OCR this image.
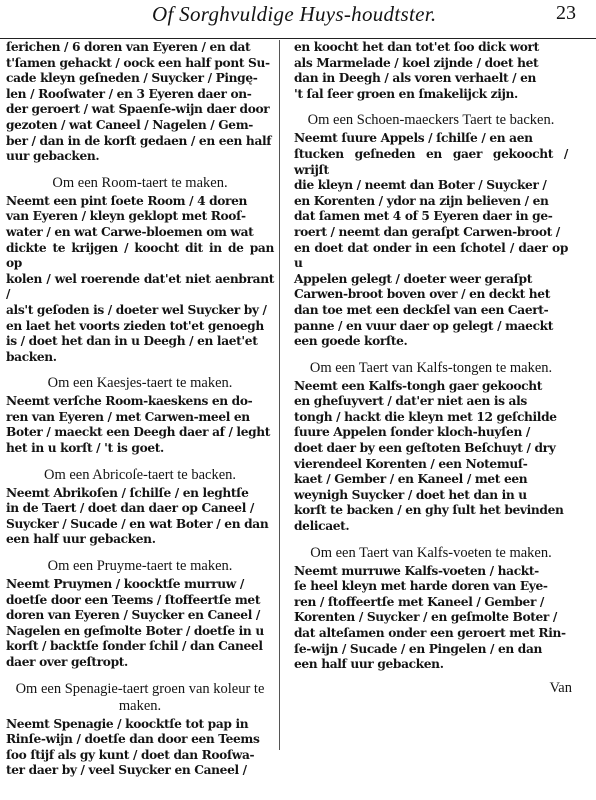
Of Sorghvuldige Huys-houdtster.	23

ſerichen / 6 doren van Eyeren / en dat
t'ſamen gehackt / oock een half pont Su-
cade kleyn geſneden / Suycker / Pingę-
len / Rooſwater / en 3 Eyeren daer on-
der geroert / wat Spaenſe-wijn daer door
gezoten / wat Caneel / Nagelen / Gem-
ber / dan in de korſt gedaen / en een half
uur gebacken.

Om een Room-taert te maken.

Neemt een pint ſoete Room / 4 doren
van Eyeren / kleyn geklopt met Rooſ-
water / en wat Carwe-bloemen om wat
dickte te krijgen / koocht dit in de pan op
kolen / wel roerende dat'et niet aenbrant /
als't geſoden is / doeter wel Suycker by /
en laet het voorts zieden tot'et genoegh
is / doet het dan in u Deegh / en laet'et
backen.

Om een Kaesjes-taert te maken.

Neemt verſche Room-kaeskens en do-
ren van Eyeren / met Carwen-meel en
Boter / maeckt een Deegh daer af / leght
het in u korſt / 't is goet.

Om een Abricoſe-taert te backen.

Neemt Abrikoſen / ſchilſe / en leghtſe
in de Taert / doet dan daer op Caneel /
Suycker / Sucade / en wat Boter / en dan
een half uur gebacken.

Om een Pruyme-taert te maken.

Neemt Pruymen / koocktſe murruw /
doetſe door een Teems / ſtoffeertſe met
doren van Eyeren / Suycker en Caneel /
Nagelen en geſmolte Boter / doetſe in u
korſt / backtſe ſonder ſchil / dan Caneel
daer over geſtropt.

Om een Spenagie-taert groen van koleur te maken.

Neemt Spenagie / koocktſe tot pap in
Rinſe-wijn / doetſe dan door een Teems
ſoo ſtijf als gy kunt / doet dan Rooſwa-
ter daer by / veel Suycker en Caneel /

en koocht het dan tot'et ſoo dick wort
als Marmelade / koel zijnde / doet het
dan in Deegh / als voren verhaelt / en
't ſal ſeer groen en ſmakelijck zijn.

Om een Schoen-maeckers Taert te backen.

Neemt ſuure Appels / ſchilſe / en aen
ſtucken geſneden en gaer gekoocht / wrijſt
die kleyn / neemt dan Boter / Suycker /
en Korenten / ydor na zijn believen / en
dat ſamen met 4 of 5 Eyeren daer in ge-
roert / neemt dan geraſpt Carwen-broot /
en doet dat onder in een ſchotel / daer op u
Appelen gelegt / doeter weer geraſpt
Carwen-broot boven over / en deckt het
dan toe met een deckſel van een Caert-
panne / en vuur daer op gelegt / maeckt
een goede korſte.

Om een Taert van Kalfs-tongen te maken.

Neemt een Kalfs-tongh gaer gekoocht
en gheſuyvert / dat'er niet aen is als
tongh / hackt die kleyn met 12 geſchilde
ſuure Appelen ſonder kloch-huyſen /
doet daer by een geſtoten Beſchuyt / dry
vierendeel Korenten / een Notemuſ-
kaet / Gember / en Kaneel / met een
weynigh Suycker / doet het dan in u
korſt te backen / en ghy ſult het bevinden
delicaet.

Om een Taert van Kalfs-voeten te maken.

Neemt murruwe Kalfs-voeten / hackt-
ſe heel kleyn met harde doren van Eye-
ren / ſtoffeertſe met Kaneel / Gember /
Korenten / Suycker / en geſmolte Boter /
dat alteſamen onder een geroert met Rin-
ſe-wijn / Sucade / en Pingelen / en dan
een half uur gebacken.

Van
